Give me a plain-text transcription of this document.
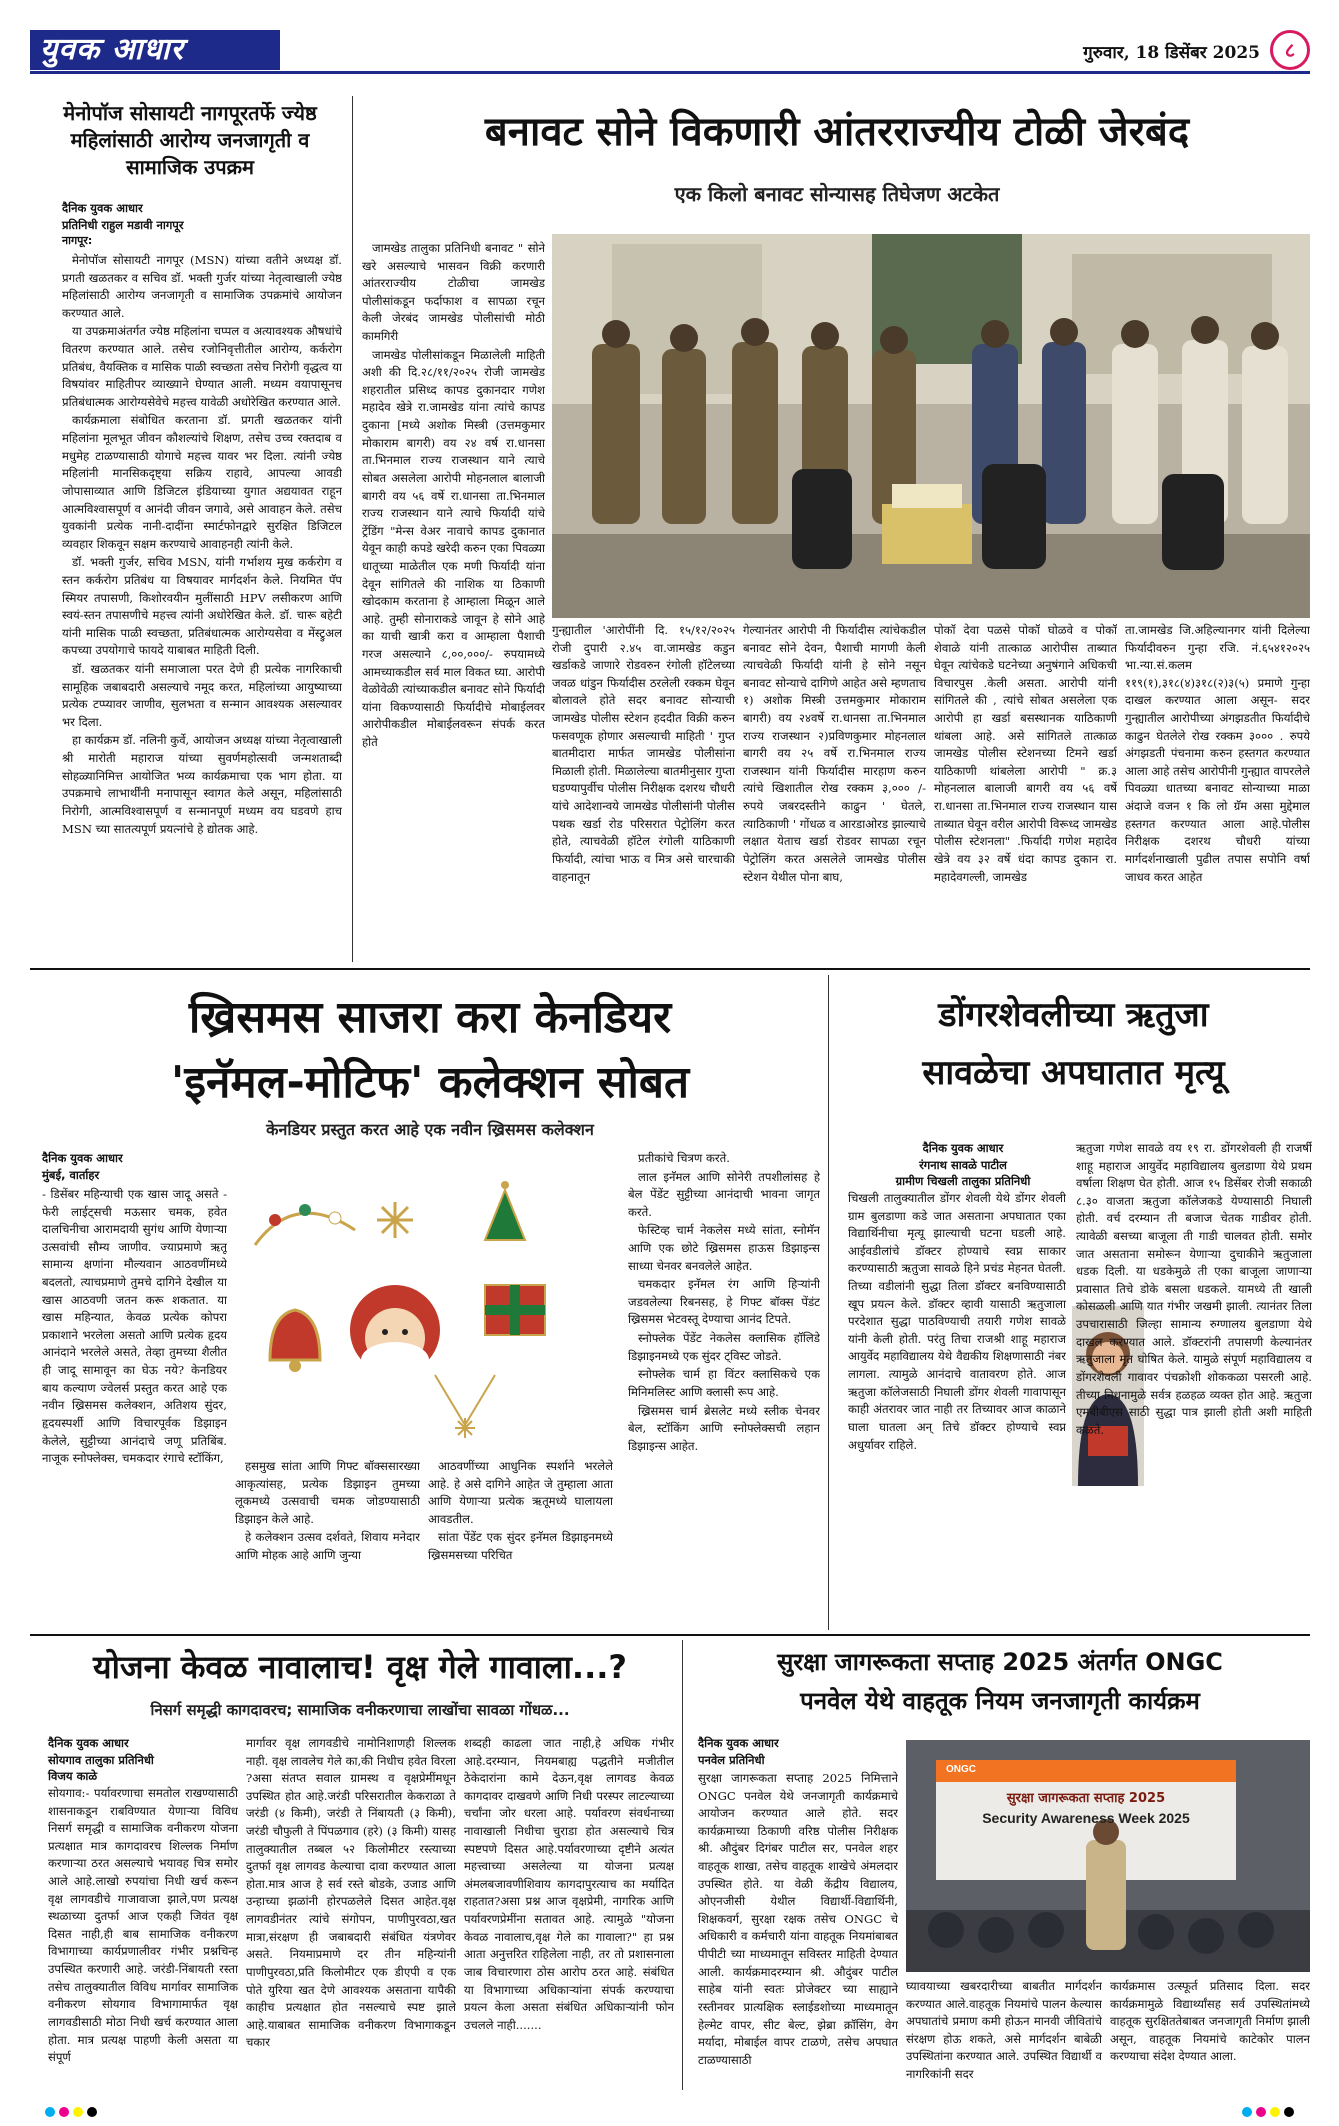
युवक आधार	गुरुवार, 18 डिसेंबर 2025	८
मेनोपॉज सोसायटी नागपूरतर्फे ज्येष्ठ महिलांसाठी आरोग्य जनजागृती व सामाजिक उपक्रम
दैनिक युवक आधार
प्रतिनिधी राहुल मडावी नागपूर
नागपूर:

मेनोपॉज सोसायटी नागपूर (MSN) यांच्या वतीने अध्यक्ष डॉ. प्रगती खळतकर व सचिव डॉ. भक्ती गुर्जर यांच्या नेतृत्वाखाली ज्येष्ठ महिलांसाठी आरोग्य जनजागृती व सामाजिक उपक्रमांचे आयोजन करण्यात आले.

या उपक्रमाअंतर्गत ज्येष्ठ महिलांना चप्पल व अत्यावश्यक औषधांचे वितरण करण्यात आले. तसेच रजोनिवृत्तीतील आरोग्य, कर्करोग प्रतिबंध, वैयक्तिक व मासिक पाळी स्वच्छता तसेच निरोगी वृद्धत्व या विषयांवर माहितीपर व्याख्याने घेण्यात आली. मध्यम वयापासूनच प्रतिबंधात्मक आरोग्यसेवेचे महत्त्व यावेळी अधोरेखित करण्यात आले.

कार्यक्रमाला संबोधित करताना डॉ. प्रगती खळतकर यांनी महिलांना मूलभूत जीवन कौशल्यांचे शिक्षण, तसेच उच्च रक्तदाब व मधुमेह टाळण्यासाठी योगाचे महत्त्व यावर भर दिला. त्यांनी ज्येष्ठ महिलांनी मानसिकदृष्ट्या सक्रिय राहावे, आपल्या आवडी जोपासाव्यात आणि डिजिटल इंडियाच्या युगात अद्ययावत राहून आत्मविश्वासपूर्ण व आनंदी जीवन जगावे, असे आवाहन केले. तसेच युवकांनी प्रत्येक नानी-दादींना स्मार्टफोनद्वारे सुरक्षित डिजिटल व्यवहार शिकवून सक्षम करण्याचे आवाहनही त्यांनी केले.

डॉ. भक्ती गुर्जर, सचिव MSN, यांनी गर्भाशय मुख कर्करोग व स्तन कर्करोग प्रतिबंध या विषयावर मार्गदर्शन केले. नियमित पॅप स्मियर तपासणी, किशोरवयीन मुलींसाठी HPV लसीकरण आणि स्वयं-स्तन तपासणीचे महत्त्व त्यांनी अधोरेखित केले. डॉ. चारू बहेटी यांनी मासिक पाळी स्वच्छता, प्रतिबंधात्मक आरोग्यसेवा व मेंस्ट्रुअल कपच्या उपयोगाचे फायदे याबाबत माहिती दिली.

डॉ. खळतकर यांनी समाजाला परत देणे ही प्रत्येक नागरिकाची सामूहिक जबाबदारी असल्याचे नमूद करत, महिलांच्या आयुष्याच्या प्रत्येक टप्प्यावर जाणीव, सुलभता व सन्मान आवश्यक असल्यावर भर दिला.

हा कार्यक्रम डॉ. नलिनी कुर्वे, आयोजन अध्यक्ष यांच्या नेतृत्वाखाली श्री मारोती महाराज यांच्या सुवर्णमहोत्सवी जन्मशताब्दी सोहळ्यानिमित्त आयोजित भव्य कार्यक्रमाचा एक भाग होता. या उपक्रमाचे लाभार्थींनी मनापासून स्वागत केले असून, महिलांसाठी निरोगी, आत्मविश्वासपूर्ण व सन्मानपूर्ण मध्यम वय घडवणे हाच MSN च्या सातत्यपूर्ण प्रयत्नांचे हे द्योतक आहे.

बनावट सोने विकणारी आंतरराज्यीय टोळी जेरबंद
एक किलो बनावट सोन्यासह तिघेजण अटकेत

जामखेड तालुका प्रतिनिधी बनावट " सोने खरे असल्याचे भासवन विक्री करणारी आंतरराज्यीय टोळीचा जामखेड पोलीसांकडून फर्दाफाश व सापळा रचून केली जेरबंद जामखेड पोलीसांची मोठी कामगिरी

जामखेड पोलीसांकडून मिळालेली माहिती अशी की दि.२८/११/२०२५ रोजी जामखेड शहरातील प्रसिध्द कापड दुकानदार गणेश महादेव खेत्रे रा.जामखेड यांना त्यांचे कापड दुकाना [मध्ये अशोक मिस्त्री (उत्तमकुमार मोकाराम बागरी) वय २४ वर्ष रा.धानसा ता.भिनमाल राज्य राजस्थान याने त्याचे सोबत असलेला आरोपी मोहनलाल बालाजी बागरी वय ५६ वर्षे रा.धानसा ता.भिनमाल राज्य राजस्थान याने त्याचे फिर्यादी यांचे ट्रेंडिंग "मेन्स वेअर नावाचे कापड दुकानात येवून काही कपडे खरेदी करुन एका पिवळ्या धातूच्या माळेतील एक मणी फिर्यादी यांना देवून सांगितले की नाशिक या ठिकाणी खोदकाम करताना हे आम्हाला मिळून आले आहे. तुम्ही सोनाराकडे जावून हे सोने आहे का याची खात्री करा व आम्हाला पैशाची गरज असल्याने ८,००,०००/- रुपयामध्ये आमच्याकडील सर्व माल विकत घ्या. आरोपी वेळोवेळी त्यांच्याकडील बनावट सोने फिर्यादी यांना विकण्यासाठी फिर्यादीचे मोबाईलवर आरोपीकडील मोबाईलवरून संपर्क करत होते

गुन्ह्यातील 'आरोपींनी दि. १५/१२/२०२५ रोजी दुपारी २.४५ वा.जामखेड कडुन खर्डाकडे जाणारे रोडवरुन रंगोली हॉटेलच्या जवळ धांडुन फिर्यादीस ठरलेली रक्कम घेवून बोलावले होते सदर बनावट सोन्याची जामखेड पोलीस स्टेशन हददीत विक्री करुन फसवणूक होणार असल्याची माहिती ' गुप्त बातमीदारा मार्फत जामखेड पोलीसांना मिळाली होती. मिळालेल्या बातमीनुसार गुप्ता घडण्यापुर्वीच पोलीस निरीक्षक दशरथ चौधरी यांचे आदेशान्वये जामखेड पोलीसांनी पोलीस पथक खर्डा रोड परिसरात पेट्रोलिंग करत होते, त्याचवेळी हॉटेल रंगोली याठिकाणी फिर्यादी, त्यांचा भाऊ व मित्र असे चारचाकी वाहनातून
गेल्यानंतर आरोपी नी फिर्यादीस त्यांचेकडील बनावट सोने देवन, पैशाची मागणी केली त्याचवेळी फिर्यादी यांनी हे सोने नसून बनावट सोन्याचे दागिणे आहेत असे म्हणताच १) अशोक मिस्त्री उत्तमकुमार मोकाराम बागरी) वय २४वर्षे रा.धानसा ता.भिनमाल राज्य राजस्थान २)प्रविणकुमार मोहनलाल बागरी वय २५ वर्षे रा.भिनमाल राज्य राजस्थान यांनी फिर्यादीस मारहाण करुन त्यांचे खिशातील रोख रक्कम ३,००० /- रुपये जबरदस्तीने काढुन ' घेतले, त्याठिकाणी ' गोंधळ व आरडाओरड झाल्याचे लक्षात येताच खर्डा रोडवर सापळा रचून पेट्रोलिंग करत असलेले जामखेड पोलीस स्टेशन येथील पोना बाघ,
पोकॉ देवा पळसे पोकॉ घोळवे व पोकॉ शेवाळे यांनी तात्काळ आरोपीस ताब्यात घेवून त्यांचेकडे घटनेच्या अनुषंगाने अधिकची विचारपुस .केली असता. आरोपी यांनी सांगितले की , त्यांचे सोबत असलेला एक आरोपी हा खर्डा बसस्थानक याठिकाणी थांबला आहे. असे सांगितले तात्काळ जामखेड पोलीस स्टेशनच्या टिमने खर्डा याठिकाणी थांबलेला आरोपी " क्र.३ मोहनलाल बालाजी बागरी वय ५६ वर्षे रा.धानसा ता.भिनमाल राज्य राजस्थान यास ताब्यात घेवून वरील आरोपी विरूध्द जामखेड पोलीस स्टेशनला" .फिर्यादी गणेश महादेव खेत्रे वय ३२ वर्षे धंदा कापड दुकान रा. महादेवगल्ली, जामखेड
ता.जामखेड जि.अहिल्यानगर यांनी दिलेल्या फिर्यादीवरुन गुन्हा रजि. नं.६५४१२०२५ भा.न्या.सं.कलम ११९(१),३१८(४)३१८(२)३(५) प्रमाणे गुन्हा दाखल करण्यात आला असून- सदर गुन्ह्यातील आरोपीच्या अंगझडतीत फिर्यादीचे काढुन घेतलेले रोख रक्कम ३००० . रुपये अंगझडती पंचनामा करुन हस्तगत करण्यात आला आहे तसेच आरोपीनी गुन्ह्यात वापरलेले पिवळ्या धातच्या बनावट सोन्याच्या माळा अंदाजे वजन १ कि लो ग्रॅम असा मुद्देमाल हस्तगत करण्यात आला आहे.पोलीस निरीक्षक दशरथ चौधरी यांच्या मार्गदर्शनाखाली पुढील तपास सपोनि वर्षा जाधव करत आहेत
ख्रिसमस साजरा करा केनडियर
'इनॅमल-मोटिफ' कलेक्शन सोबत
केनडियर प्रस्तुत करत आहे एक नवीन ख्रिसमस कलेक्शन
दैनिक युवक आधार
मुंबई, वार्ताहर
- डिसेंबर महिन्याची एक खास जादू असते - फेरी लाईट्सची मऊसार चमक, हवेत दालचिनीचा आरामदायी सुगंध आणि येणाऱ्या उत्सवांची सौम्य जाणीव. ज्याप्रमाणे ऋतू सामान्य क्षणांना मौल्यवान आठवणींमध्ये बदलतो, त्याचप्रमाणे तुमचे दागिने देखील या खास आठवणी जतन करू शकतात. या खास महिन्यात, केवळ प्रत्येक कोपरा प्रकाशाने भरलेला असतो आणि प्रत्येक हृदय आनंदाने भरलेले असते, तेव्हा तुमच्या शैलीत ही जादू सामावून का घेऊ नये? केनडियर बाय कल्याण ज्वेलर्स प्रस्तुत करत आहे एक नवीन ख्रिसमस कलेक्शन, अतिशय सुंदर, हृदयस्पर्शी आणि विचारपूर्वक डिझाइन केलेले, सुट्टीच्या आनंदाचे जणू प्रतिबिंब. नाजूक स्नोफ्लेक्स, चमकदार रंगाचे स्टॉकिंग,

हसमुख सांता आणि गिफ्ट बॉक्ससारख्या आकृत्यांसह, प्रत्येक डिझाइन तुमच्या लूकमध्ये उत्सवाची चमक जोडण्यासाठी डिझाइन केले आहे.

हे कलेक्शन उत्सव दर्शवते, शिवाय मनेदार आणि मोहक आहे आणि जुन्या

आठवणींच्या आधुनिक स्पर्शाने भरलेले आहे. हे असे दागिने आहेत जे तुम्हाला आता आणि येणाऱ्या प्रत्येक ऋतूमध्ये घालायला आवडतील.

सांता पेंडेंट एक सुंदर इनॅमल डिझाइनमध्ये ख्रिसमसच्या परिचित

प्रतीकांचे चित्रण करते.

लाल इनॅमल आणि सोनेरी तपशीलांसह हे बेल पेंडेंट सुट्टीच्या आनंदाची भावना जागृत करते.

फेस्टिव्ह चार्म नेकलेस मध्ये सांता, स्नोमॅन आणि एक छोटे ख्रिसमस हाऊस डिझाइन्स साध्या चेनवर बनवलेले आहेत.

चमकदार इनॅमल रंग आणि हिऱ्यांनी जडवलेल्या रिबनसह, हे गिफ्ट बॉक्स पेंडंट ख्रिसमस भेटवस्तू देण्याचा आनंद टिपते.

स्नोफ्लेक पेंडेंट नेकलेस क्लासिक हॉलिडे डिझाइनमध्ये एक सुंदर ट्विस्ट जोडते.

स्नोफ्लेक चार्म हा विंटर क्लासिकचे एक मिनिमलिस्ट आणि क्लासी रूप आहे.

ख्रिसमस चार्म ब्रेसलेट मध्ये स्लीक चेनवर बेल, स्टॉकिंग आणि स्नोफ्लेक्सची लहान डिझाइन्स आहेत.

डोंगरशेवलीच्या ऋतुजा
सावळेचा अपघातात मृत्यू
दैनिक युवक आधार
रंगनाथ सावळे पाटील
ग्रामीण चिखली तालुका प्रतिनिधी
चिखली तालुक्यातील डोंगर शेवली येथे डोंगर शेवली ग्राम बुलडाणा कडे जात असताना अपघातात एका विद्यार्थिनीचा मृत्यू झाल्याची घटना घडली आहे. आईवडीलांचे डॉक्टर होण्याचे स्वप्न साकार करण्यासाठी ऋतुजा सावळे हिने प्रचंड मेहनत घेतली. तिच्या वडीलांनी सुद्धा तिला डॉक्टर बनविण्यासाठी खूप प्रयत्न केले. डॉक्टर व्हावी यासाठी ऋतुजाला परदेशात सुद्धा पाठविण्याची तयारी गणेश सावळे यांनी केली होती. परंतु तिचा राजश्री शाहू महाराज आयुर्वेद महाविद्यालय येथे वैद्यकीय शिक्षणासाठी नंबर लागला. त्यामुळे आनंदाचे वातावरण होते. आज ऋतुजा कॉलेजसाठी निघाली डोंगर शेवली गावापासून काही अंतरावर जात नाही तर तिच्यावर आज काळाने घाला घातला अन् तिचे डॉक्टर होण्याचे स्वप्न अधुर्यावर राहिले.
ऋतुजा गणेश सावळे वय १९ रा. डोंगरशेवली ही राजर्षी शाहू महाराज आयुर्वेद महाविद्यालय बुलडाणा येथे प्रथम वर्षाला शिक्षण घेत होती. आज १५ डिसेंबर रोजी सकाळी ८.३० वाजता ऋतुजा कॉलेजकडे येण्यासाठी निघाली होती. वर्च दरम्यान ती बजाज चेतक गाडीवर होती. त्यावेळी बसच्या बाजूला ती गाडी चालवत होती. समोर जात असताना समोरून येणाऱ्या दुचाकीने ऋतुजाला धडक दिली. या धडकेमुळे ती एका बाजूला जाणाऱ्या प्रवासात तिचे डोके बसला धडकले. यामध्ये ती खाली कोसळली आणि यात गंभीर जखमी झाली. त्यानंतर तिला उपचारासाठी जिल्हा सामान्य रुग्णालय बुलडाणा येथे दाखल करण्यात आले. डॉक्टरांनी तपासणी केल्यानंतर ऋतुजाला मृत घोषित केले. यामुळे संपूर्ण महाविद्यालय व डोंगरशेवली गावावर पंचक्रोशी शोककळा पसरली आहे. तीच्या निधनामुळे सर्वत्र हळहळ व्यक्त होत आहे. ऋतुजा एमबीबीएस साठी सुद्धा पात्र झाली होती अशी माहिती कळते.
योजना केवळ नावालाच! वृक्ष गेले गावाला...?
निसर्ग समृद्धी कागदावरच; सामाजिक वनीकरणाचा लाखोंचा सावळा गोंधळ...
दैनिक युवक आधार
सोयगाव तालुका प्रतिनिधी
विजय काळे
सोयगाव:- पर्यावरणाचा समतोल राखण्यासाठी शासनाकडून राबविण्यात येणाऱ्या विविध निसर्ग समृद्धी व सामाजिक वनीकरण योजना प्रत्यक्षात मात्र कागदावरच शिल्लक निर्माण करणाऱ्या ठरत असल्याचे भयावह चित्र समोर आले आहे.लाखो रुपयांचा निधी खर्च करून वृक्ष लागवडीचे गाजावाजा झाले,पण प्रत्यक्ष स्थळाच्या दुतर्फा आज एकही जिवंत वृक्ष दिसत नाही,ही बाब सामाजिक वनीकरण विभागाच्या कार्यप्रणालीवर गंभीर प्रश्नचिन्ह उपस्थित करणारी आहे. जरंडी-निंबायती रस्ता तसेच तालुक्यातील विविध मार्गावर सामाजिक वनीकरण सोयगाव विभागामार्फत वृक्ष लागवडीसाठी मोठा निधी खर्च करण्यात आला होता. मात्र प्रत्यक्ष पाहणी केली असता या संपूर्ण
मार्गावर वृक्ष लागवडीचे नामोनिशाणही शिल्लक नाही. वृक्ष लावलेच गेले का,की निधीच हवेत विरला ?असा संतप्त सवाल ग्रामस्थ व वृक्षप्रेमींमधून उपस्थित होत आहे.जरंडी परिसरातील केकराळा ते जरंडी (४ किमी), जरंडी ते निंबायती (३ किमी), जरंडी चौफुली ते पिंपळगाव (हरे) (३ किमी) यासह तालुक्यातील तब्बल ५२ किलोमीटर रस्त्याच्या दुतर्फा वृक्ष लागवड केल्याचा दावा करण्यात आला होता.मात्र आज हे सर्व रस्ते बोडके, उजाड आणि उन्हाच्या झळांनी होरपळलेले दिसत आहेत.वृक्ष लागवडीनंतर त्यांचे संगोपन, पाणीपुरवठा,खत मात्रा,संरक्षण ही जबाबदारी संबंधित यंत्रणेवर असते. नियमाप्रमाणे दर तीन महिन्यांनी पाणीपुरवठा,प्रति किलोमीटर एक डीएपी व एक पोते युरिया खत देणे आवश्यक असताना यापैकी काहीच प्रत्यक्षात होत नसल्याचे स्पष्ट झाले आहे.याबाबत सामाजिक वनीकरण विभागाकडून चकार
शब्दही काढला जात नाही,हे अधिक गंभीर आहे.दरम्यान, नियमबाह्य पद्धतीने मजीतील ठेकेदारांना कामे देऊन,वृक्ष लागवड केवळ कागदावर दाखवणे आणि निधी परस्पर लाटल्याच्या चर्चांना जोर धरला आहे. पर्यावरण संवर्धनाच्या नावाखाली निधीचा चुराडा होत असल्याचे चित्र स्पष्टपणे दिसत आहे.पर्यावरणाच्या दृष्टीने अत्यंत महत्त्वाच्या असलेल्या या योजना प्रत्यक्ष अंमलबजावणीशिवाय कागदापुरत्याच का मर्यादित राहतात?असा प्रश्न आज वृक्षप्रेमी, नागरिक आणि पर्यावरणप्रेमींना सतावत आहे. त्यामुळे "योजना केवळ नावालाच,वृक्ष गेले का गावाला?" हा प्रश्न आता अनुत्तरित राहिलेला नाही, तर तो प्रशासनाला जाब विचारणारा ठोस आरोप ठरत आहे. संबंधित या विभागाच्या अधिकाऱ्यांना संपर्क करण्याचा प्रयत्न केला असता संबंधित अधिकाऱ्यांनी फोन उचलले नाही.......
सुरक्षा जागरूकता सप्ताह 2025 अंतर्गत ONGC
पनवेल येथे वाहतूक नियम जनजागृती कार्यक्रम
दैनिक युवक आधार
पनवेल प्रतिनिधी
सुरक्षा जागरूकता सप्ताह 2025 निमित्ताने ONGC पनवेल येथे जनजागृती कार्यक्रमाचे आयोजन करण्यात आले होते. सदर कार्यक्रमाच्या ठिकाणी वरिष्ठ पोलीस निरीक्षक श्री. औदुंबर दिगंबर पाटील सर, पनवेल शहर वाहतूक शाखा, तसेच वाहतूक शाखेचे अंमलदार उपस्थित होते. या वेळी केंद्रीय विद्यालय, ओएनजीसी येथील विद्यार्थी-विद्यार्थिनी, शिक्षकवर्ग, सुरक्षा रक्षक तसेच ONGC चे अधिकारी व कर्मचारी यांना वाहतूक नियमांबाबत पीपीटी च्या माध्यमातून सविस्तर माहिती देण्यात आली. कार्यक्रमादरम्यान श्री. औदुंबर पाटील साहेब यांनी स्वतः प्रोजेक्टर च्या साह्याने रस्तीनवर प्रात्यक्षिक स्लाईडशोच्या माध्यमातून हेल्मेट वापर, सीट बेल्ट, झेब्रा क्रॉसिंग, वेग मर्यादा, मोबाईल वापर टाळणे, तसेच अपघात टाळण्यासाठी
ONGC
सुरक्षा जागरूकता सप्ताह 2025
Security Awareness Week 2025
घ्यावयाच्या खबरदारीच्या बाबतीत मार्गदर्शन करण्यात आले.वाहतूक नियमांचे पालन केल्यास अपघातांचे प्रमाण कमी होऊन मानवी जीवितांचे संरक्षण होऊ शकते, असे मार्गदर्शन बाबेळी उपस्थितांना करण्यात आले. उपस्थित विद्यार्थी व नागरिकांनी सदर
कार्यक्रमास उत्स्फूर्त प्रतिसाद दिला. सदर कार्यक्रमामुळे विद्यार्थ्यांसह सर्व उपस्थितांमध्ये वाहतूक सुरक्षिततेबाबत जनजागृती निर्माण झाली असून, वाहतूक नियमांचे काटेकोर पालन करण्याचा संदेश देण्यात आला.
